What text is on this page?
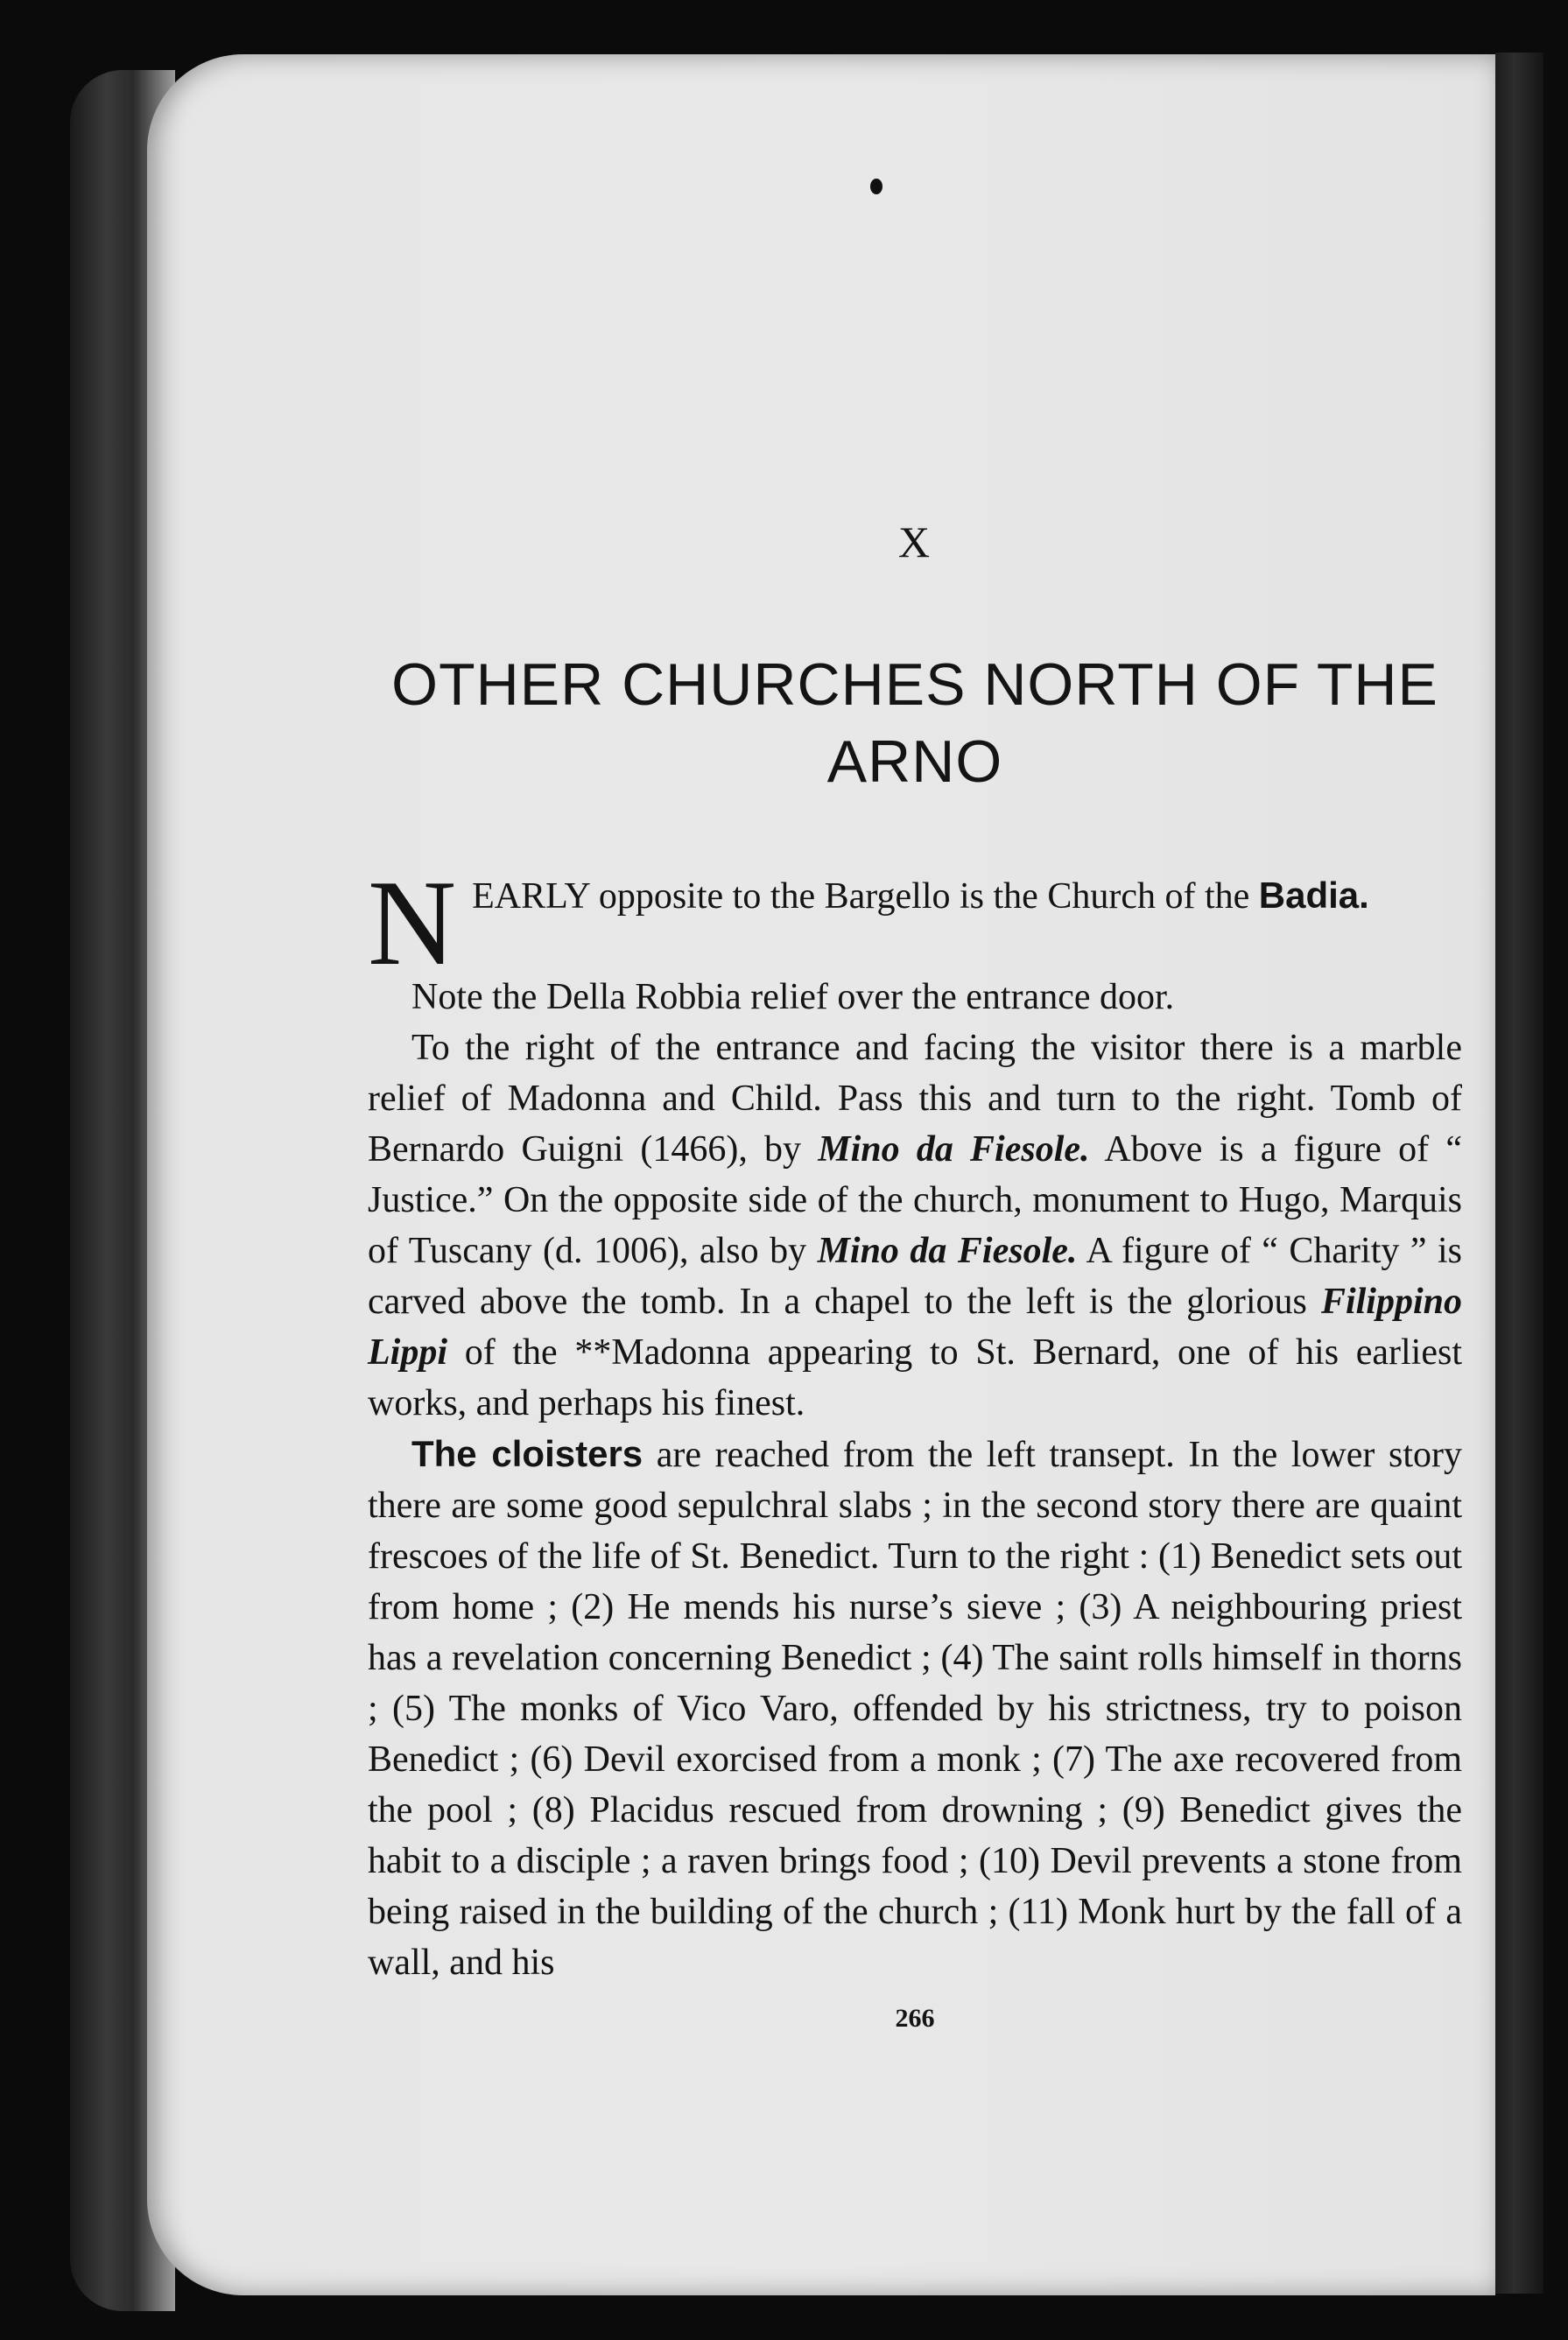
X
OTHER CHURCHES NORTH OF THE ARNO

NEARLY opposite to the Bargello is the Church of the Badia.

Note the Della Robbia relief over the entrance door.

To the right of the entrance and facing the visitor there is a marble relief of Madonna and Child. Pass this and turn to the right. Tomb of Bernardo Guigni (1466), by Mino da Fiesole. Above is a figure of “ Justice.” On the opposite side of the church, monument to Hugo, Marquis of Tuscany (d. 1006), also by Mino da Fiesole. A figure of “ Charity ” is carved above the tomb. In a chapel to the left is the glorious Filippino Lippi of the **Madonna appearing to St. Bernard, one of his earliest works, and perhaps his finest.

The cloisters are reached from the left transept. In the lower story there are some good sepulchral slabs ; in the second story there are quaint frescoes of the life of St. Benedict. Turn to the right : (1) Benedict sets out from home ; (2) He mends his nurse’s sieve ; (3) A neighbouring priest has a revelation concerning Benedict ; (4) The saint rolls himself in thorns ; (5) The monks of Vico Varo, offended by his strictness, try to poison Benedict ; (6) Devil exorcised from a monk ; (7) The axe recovered from the pool ; (8) Placidus rescued from drowning ; (9) Benedict gives the habit to a disciple ; a raven brings food ; (10) Devil prevents a stone from being raised in the building of the church ; (11) Monk hurt by the fall of a wall, and his

266
